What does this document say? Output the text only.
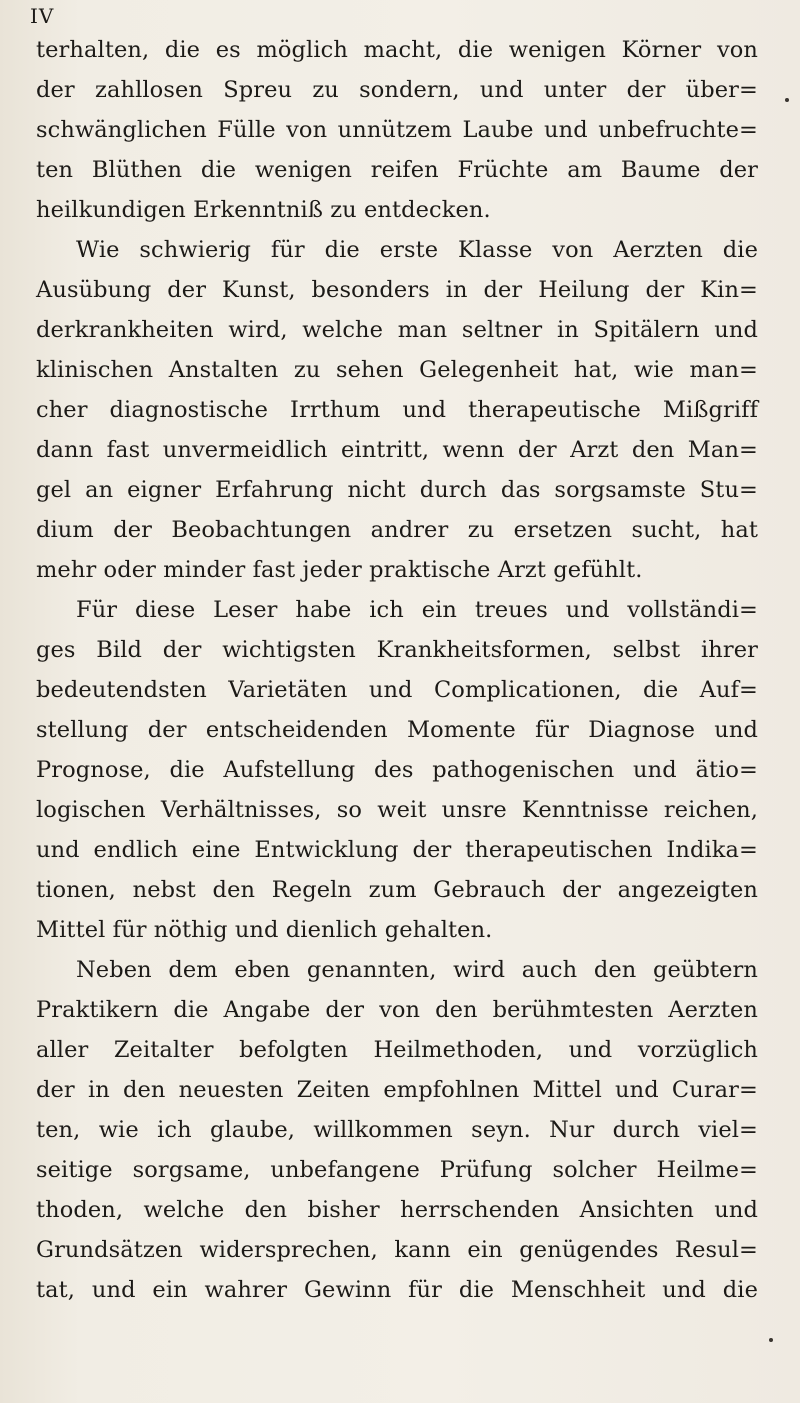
IV
terhalten, die es möglich macht, die wenigen Körner von
der zahllosen Spreu zu sondern, und unter der über=
schwänglichen Fülle von unnützem Laube und unbefruchte=
ten Blüthen die wenigen reifen Früchte am Baume der
heilkundigen Erkenntniß zu entdecken.
Wie schwierig für die erste Klasse von Aerzten die
Ausübung der Kunst, besonders in der Heilung der Kin=
derkrankheiten wird, welche man seltner in Spitälern und
klinischen Anstalten zu sehen Gelegenheit hat, wie man=
cher diagnostische Irrthum und therapeutische Mißgriff
dann fast unvermeidlich eintritt, wenn der Arzt den Man=
gel an eigner Erfahrung nicht durch das sorgsamste Stu=
dium der Beobachtungen andrer zu ersetzen sucht, hat
mehr oder minder fast jeder praktische Arzt gefühlt.
Für diese Leser habe ich ein treues und vollständi=
ges Bild der wichtigsten Krankheitsformen, selbst ihrer
bedeutendsten Varietäten und Complicationen, die Auf=
stellung der entscheidenden Momente für Diagnose und
Prognose, die Aufstellung des pathogenischen und ätio=
logischen Verhältnisses, so weit unsre Kenntnisse reichen,
und endlich eine Entwicklung der therapeutischen Indika=
tionen, nebst den Regeln zum Gebrauch der angezeigten
Mittel für nöthig und dienlich gehalten.
Neben dem eben genannten, wird auch den geübtern
Praktikern die Angabe der von den berühmtesten Aerzten
aller Zeitalter befolgten Heilmethoden, und vorzüglich
der in den neuesten Zeiten empfohlnen Mittel und Curar=
ten, wie ich glaube, willkommen seyn. Nur durch viel=
seitige sorgsame, unbefangene Prüfung solcher Heilme=
thoden, welche den bisher herrschenden Ansichten und
Grundsätzen widersprechen, kann ein genügendes Resul=
tat, und ein wahrer Gewinn für die Menschheit und die
